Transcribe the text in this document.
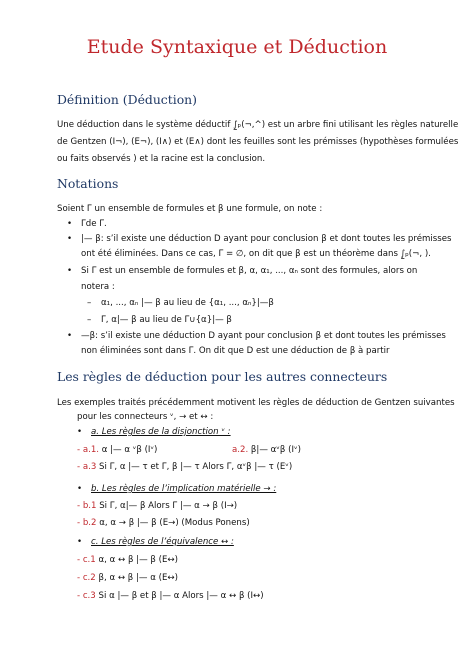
Etude Syntaxique et Déduction
Définition (Déduction)
Une déduction dans le système déductif ⨜ₚ(¬,^) est un arbre fini utilisant les règles naturelle
de Gentzen (I¬), (E¬), (I∧) et (E∧) dont les feuilles sont les prémisses (hypothèses formulées
ou faits observés ) et la racine est la conclusion.
Notations
Soient Γ un ensemble de formules et β une formule, on note :
• Γde Γ.
• |— β: s’il existe une déduction D ayant pour conclusion β et dont toutes les prémisses
ont été éliminées. Dans ce cas, Γ = ∅, on dit que β est un théorème dans ⨜ₚ(¬, ).
• Si Γ est un ensemble de formules et β, α, α₁, ..., αₙ sont des formules, alors on
notera :
– α₁, ..., αₙ |— β au lieu de {α₁, ..., αₙ}|—β
– Γ, α|— β au lieu de Γ∪{α}|— β
• —β: s’il existe une déduction D ayant pour conclusion β et dont toutes les prémisses
non éliminées sont dans Γ. On dit que D est une déduction de β à partir
Les règles de déduction pour les autres connecteurs
Les exemples traités précédemment motivent les règles de déduction de Gentzen suivantes
pour les connecteurs ᵛ, → et ↔ :
• a. Les règles de la disjonction ᵛ :
- a.1. α |— α ᵛβ (Iᵛ)	a.2. β|— αᵛβ (Iᵛ)
- a.3 Si Γ, α |— τ et Γ, β |— τ Alors Γ, αᵛβ |— τ (Eᵛ)
• b. Les règles de l’implication matérielle → :
- b.1 Si Γ, α|— β Alors Γ |— α → β (I→)
- b.2 α, α → β |— β (E→) (Modus Ponens)
• c. Les règles de l’équivalence ↔ :
- c.1 α, α ↔ β |— β (E↔)
- c.2 β, α ↔ β |— α (E↔)
- c.3 Si α |— β et β |— α Alors |— α ↔ β (I↔)
